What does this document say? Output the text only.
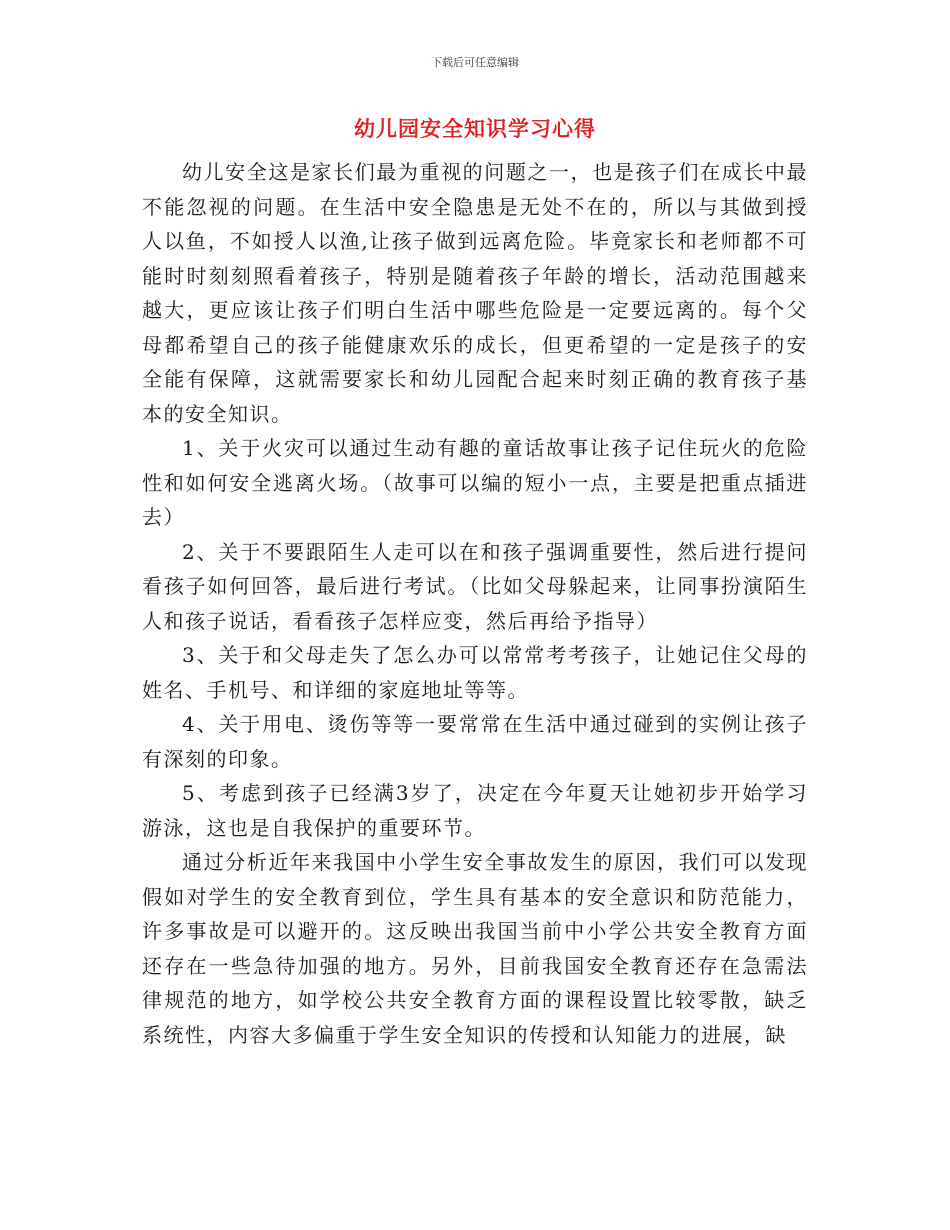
下载后可任意编辑
幼儿园安全知识学习心得

幼儿安全这是家长们最为重视的问题之一，也是孩子们在成长中最不能忽视的问题。在生活中安全隐患是无处不在的，所以与其做到授人以鱼，不如授人以渔,让孩子做到远离危险。毕竟家长和老师都不可能时时刻刻照看着孩子，特别是随着孩子年龄的增长，活动范围越来越大，更应该让孩子们明白生活中哪些危险是一定要远离的。每个父母都希望自己的孩子能健康欢乐的成长，但更希望的一定是孩子的安全能有保障，这就需要家长和幼儿园配合起来时刻正确的教育孩子基本的安全知识。

1、关于火灾可以通过生动有趣的童话故事让孩子记住玩火的危险性和如何安全逃离火场。（故事可以编的短小一点，主要是把重点插进去）

2、关于不要跟陌生人走可以在和孩子强调重要性，然后进行提问看孩子如何回答，最后进行考试。（比如父母躲起来，让同事扮演陌生人和孩子说话，看看孩子怎样应变，然后再给予指导）

3、关于和父母走失了怎么办可以常常考考孩子，让她记住父母的姓名、手机号、和详细的家庭地址等等。

4、关于用电、烫伤等等一要常常在生活中通过碰到的实例让孩子有深刻的印象。

5、考虑到孩子已经满3岁了，决定在今年夏天让她初步开始学习游泳，这也是自我保护的重要环节。

通过分析近年来我国中小学生安全事故发生的原因，我们可以发现假如对学生的安全教育到位，学生具有基本的安全意识和防范能力，许多事故是可以避开的。这反映出我国当前中小学公共安全教育方面还存在一些急待加强的地方。另外，目前我国安全教育还存在急需法律规范的地方，如学校公共安全教育方面的课程设置比较零散，缺乏系统性，内容大多偏重于学生安全知识的传授和认知能力的进展，缺
